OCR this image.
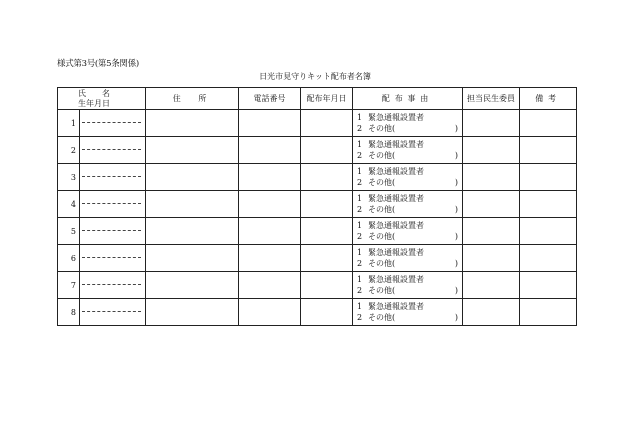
様式第3号(第5条関係)
日光市見守りキット配布者名簿
氏　　名
生年月日		住　所	電話番号	配布年月日	配布事由	担当民生委員	備考
1					1 緊急通報設置者
2 その他( )		

2					1 緊急通報設置者
2 その他( )		

3					1 緊急通報設置者
2 その他( )		

4					1 緊急通報設置者
2 その他( )		

5					1 緊急通報設置者
2 その他( )		

6					1 緊急通報設置者
2 その他( )		

7					1 緊急通報設置者
2 その他( )		

8					1 緊急通報設置者
2 その他( )		
